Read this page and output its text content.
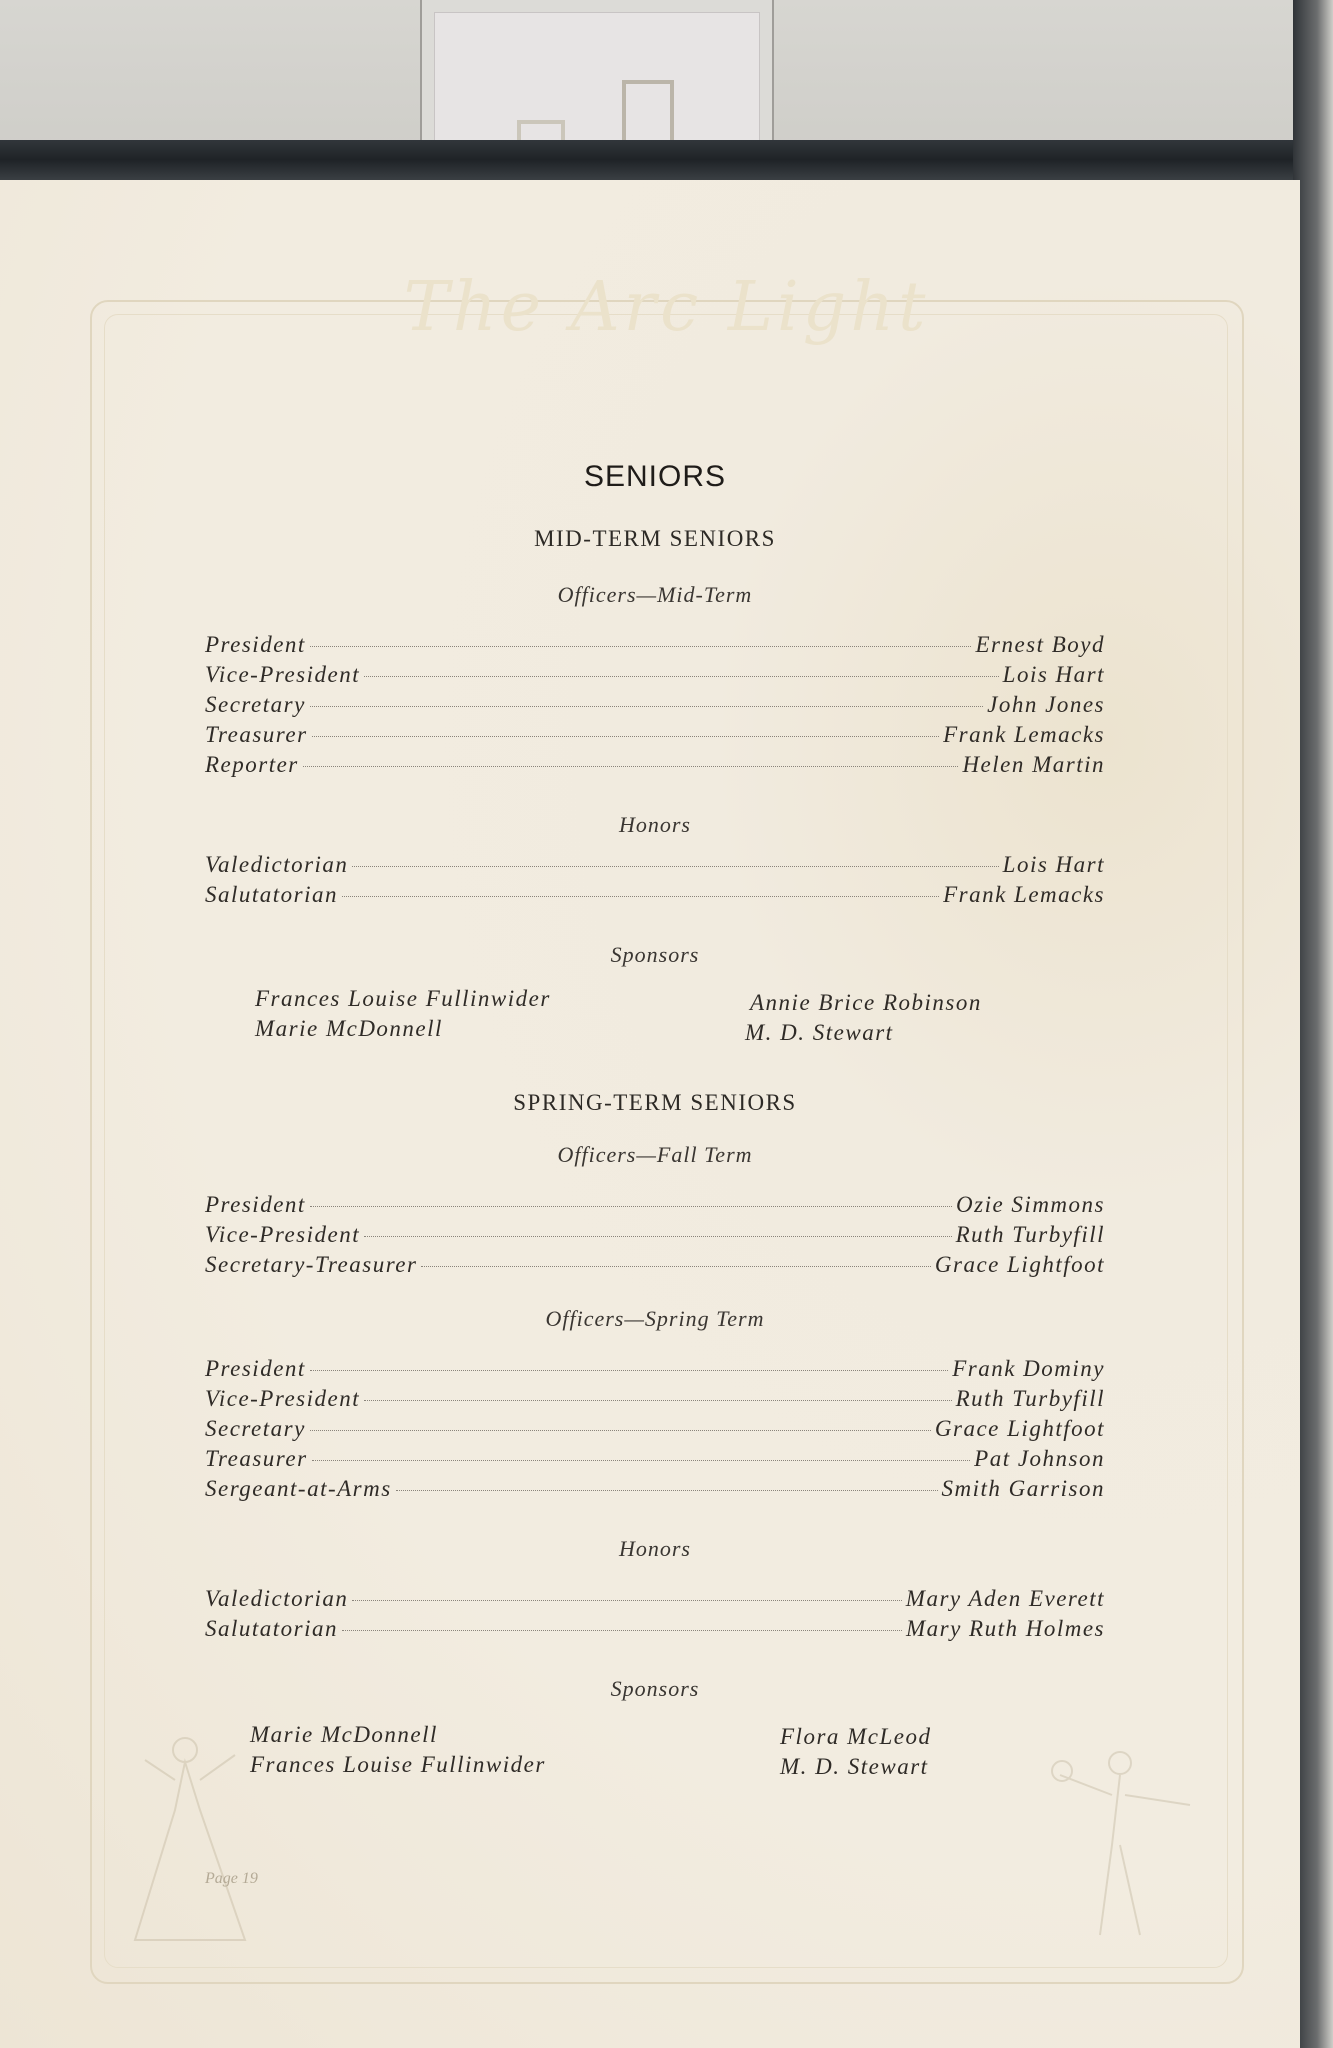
The Arc Light
Page 19
SENIORS
MID-TERM SENIORS
Officers—Mid-Term
President	Ernest Boyd
Vice-President	Lois Hart
Secretary	John Jones
Treasurer	Frank Lemacks
Reporter	Helen Martin
Honors
Valedictorian	Lois Hart
Salutatorian	Frank Lemacks
Sponsors
Frances Louise Fullinwider
Marie McDonnell
Annie Brice Robinson
M. D. Stewart
SPRING-TERM SENIORS
Officers—Fall Term
President	Ozie Simmons
Vice-President	Ruth Turbyfill
Secretary-Treasurer	Grace Lightfoot
Officers—Spring Term
President	Frank Dominy
Vice-President	Ruth Turbyfill
Secretary	Grace Lightfoot
Treasurer	Pat Johnson
Sergeant-at-Arms	Smith Garrison
Honors
Valedictorian	Mary Aden Everett
Salutatorian	Mary Ruth Holmes
Sponsors
Marie McDonnell
Frances Louise Fullinwider
Flora McLeod
M. D. Stewart
